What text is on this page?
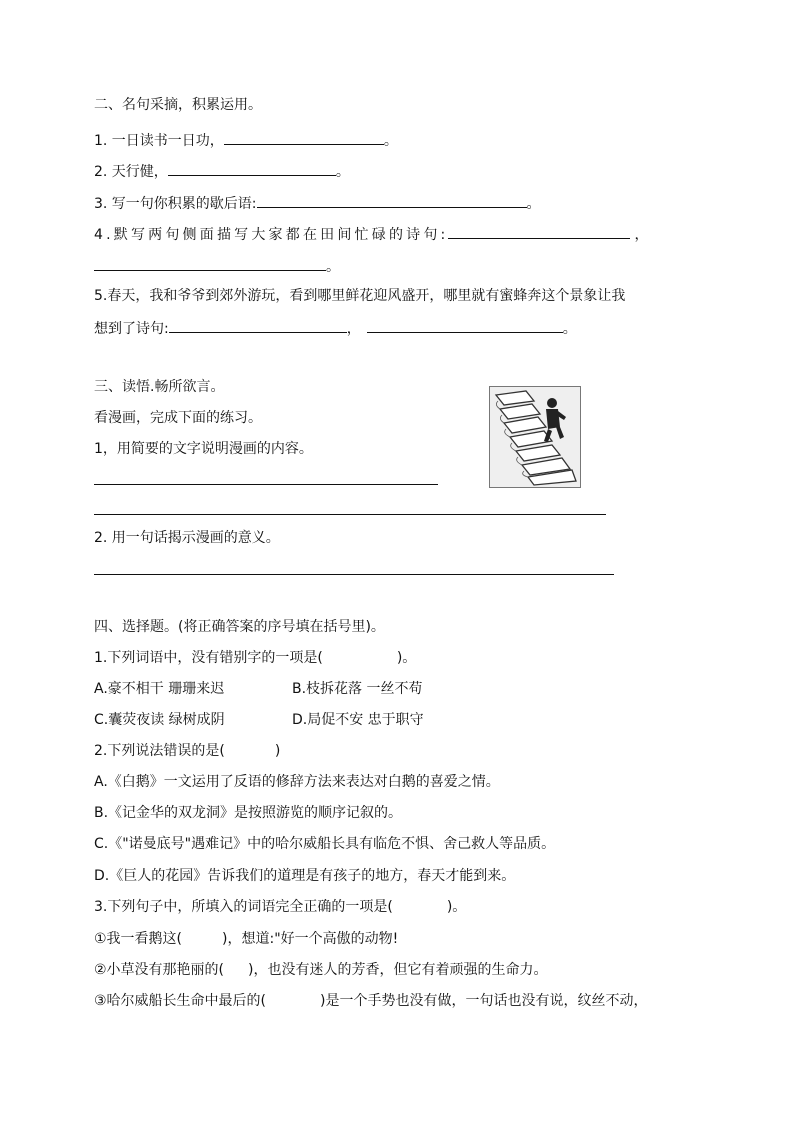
二、名句采摘，积累运用。
1. 一日读书一日功，	。
2. 天行健，	。
3. 写一句你积累的歇后语:	。
4.默写两句侧面描写大家都在田间忙碌的诗句:	，
。
5.春天，我和爷爷到郊外游玩，看到哪里鲜花迎风盛开，哪里就有蜜蜂奔这个景象让我
想到了诗句:	，	。
三、读悟.畅所欲言。
看漫画，完成下面的练习。
1，用简要的文字说明漫画的内容。
2. 用一句话揭示漫画的意义。
四、选择题。(将正确答案的序号填在括号里)。
1.下列词语中，没有错别字的一项是(	)。
A.豪不相干 珊珊来迟	B.枝拆花落 一丝不苟
C.囊荧夜读 绿树成阴	D.局促不安 忠于职守
2.下列说法错误的是(	)
A.《白鹅》一文运用了反语的修辞方法来表达对白鹅的喜爱之情。
B.《记金华的双龙洞》是按照游览的顺序记叙的。
C.《"诺曼底号"遇难记》中的哈尔威船长具有临危不惧、舍己救人等品质。
D.《巨人的花园》告诉我们的道理是有孩子的地方，春天才能到来。
3.下列句子中，所填入的词语完全正确的一项是(	)。
①我一看鹅这(	)，想道:"好一个高傲的动物!
②小草没有那艳丽的( )，也没有迷人的芳香，但它有着顽强的生命力。
③哈尔威船长生命中最后的(	)是一个手势也没有做，一句话也没有说，纹丝不动，
